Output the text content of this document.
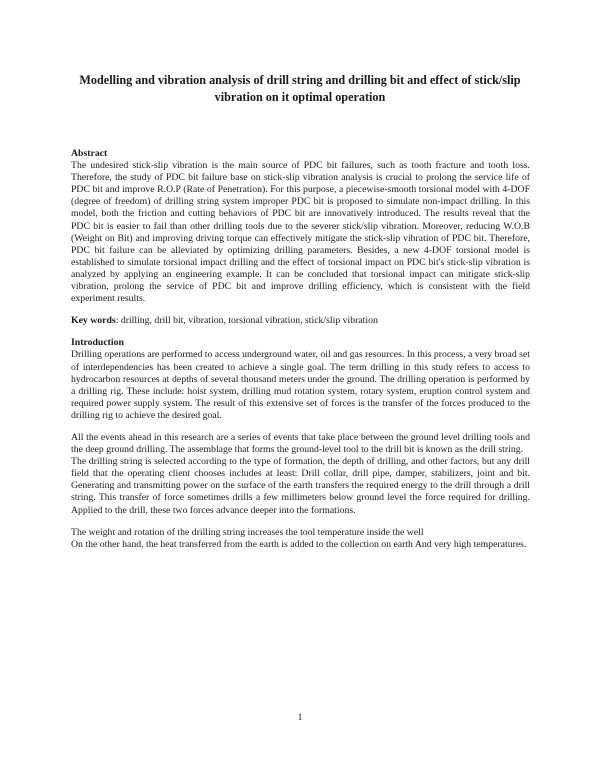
Modelling and vibration analysis of drill string and drilling bit and effect of stick/slip vibration on it optimal operation

Abstract

The undesired stick-slip vibration is the main source of PDC bit failures, such as tooth fracture and tooth loss. Therefore, the study of PDC bit failure base on stick-slip vibration analysis is crucial to prolong the service life of PDC bit and improve R.O.P (Rate of Penetration). For this purpose, a piecewise-smooth torsional model with 4-DOF (degree of freedom) of drilling string system improper PDC bit is proposed to simulate non-impact drilling. In this model, both the friction and cutting behaviors of PDC bit are innovatively introduced. The results reveal that the PDC bit is easier to fail than other drilling tools due to the severer stick/slip vibration. Moreover, reducing W.O.B (Weight on Bit) and improving driving torque can effectively mitigate the stick-slip vibration of PDC bit. Therefore, PDC bit failure can be alleviated by optimizing drilling parameters. Besides, a new 4-DOF torsional model is established to simulate torsional impact drilling and the effect of torsional impact on PDC bit's stick-slip vibration is analyzed by applying an engineering example. It can be concluded that torsional impact can mitigate stick-slip vibration, prolong the service of PDC bit and improve drilling efficiency, which is consistent with the field experiment results.

Key words: drilling, drill bit, vibration, torsional vibration, stick/slip vibration

Introduction

Drilling operations are performed to access underground water, oil and gas resources. In this process, a very broad set of interdependencies has been created to achieve a single goal. The term drilling in this study refers to access to hydrocarbon resources at depths of several thousand meters under the ground. The drilling operation is performed by a drilling rig. These include: hoist system, drilling mud rotation system, rotary system, eruption control system and required power supply system. The result of this extensive set of forces is the transfer of the forces produced to the drilling rig to achieve the desired goal.

All the events ahead in this research are a series of events that take place between the ground level drilling tools and the deep ground drilling. The assemblage that forms the ground-level tool to the drill bit is known as the drill string.

The drilling string is selected according to the type of formation, the depth of drilling, and other factors, but any drill field that the operating client chooses includes at least: Drill collar, drill pipe, damper, stabilizers, joint and bit. Generating and transmitting power on the surface of the earth transfers the required energy to the drill through a drill string. This transfer of force sometimes drills a few millimeters below ground level the force required for drilling. Applied to the drill, these two forces advance deeper into the formations.

The weight and rotation of the drilling string increases the tool temperature inside the well

On the other hand, the heat transferred from the earth is added to the collection on earth And very high temperatures.

1
